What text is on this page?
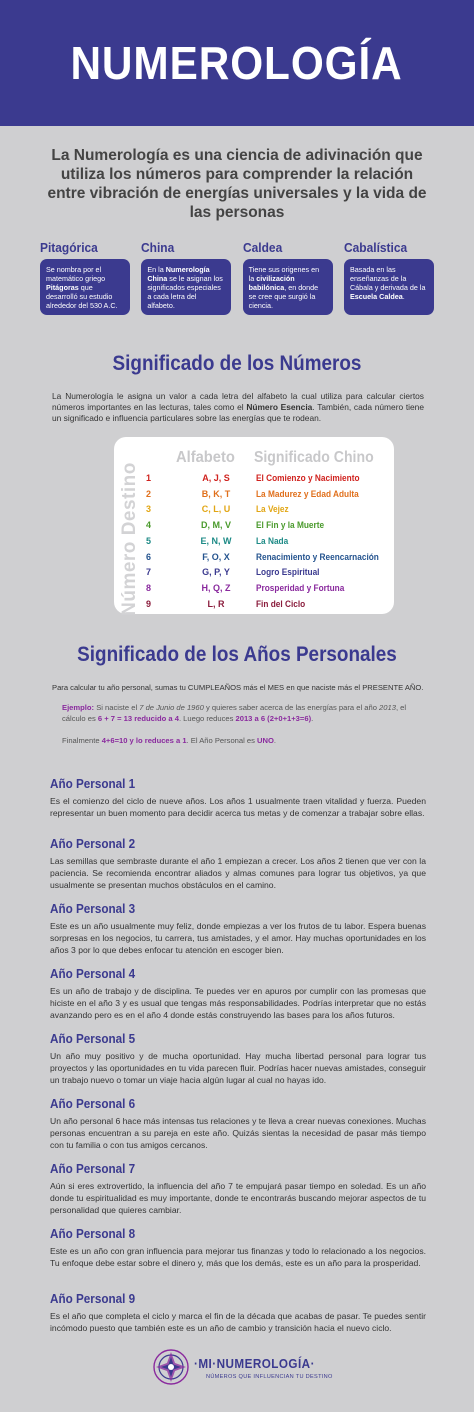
NUMEROLOGÍA
La Numerología es una ciencia de adivinación que utiliza los números para comprender la relación entre vibración de energías universales y la vida de las personas
Pitagórica
Se nombra por el matemático griego Pitágoras que desarrolló su estudio alrededor del 530 A.C.
China
En la Numerología China se le asignan los significados especiales a cada letra del alfabeto.
Caldea
Tiene sus origenes en la civilización babilónica, en donde se cree que surgió la ciencia.
Cabalística
Basada en las enseñanzas de la Cábala y derivada de la Escuela Caldea.
Significado de los Números
La Numerología le asigna un valor a cada letra del alfabeto la cual utiliza para calcular ciertos números importantes en las lecturas, tales como el Número Esencia. También, cada número tiene un significado e influencia particulares sobre las energías que te rodean.
Número Destino
Alfabeto Significado Chino
1	A, J, S	El Comienzo y Nacimiento
2	B, K, T	La Madurez y Edad Adulta
3	C, L, U	La Vejez
4	D, M, V	El Fin y la Muerte
5	E, N, W	La Nada
6	F, O, X	Renacimiento y Reencarnación
7	G, P, Y	Logro Espiritual
8	H, Q, Z	Prosperidad y Fortuna
9	L, R	Fin del Ciclo
Significado de los Años Personales
Para calcular tu año personal, sumas tu CUMPLEAÑOS más el MES en que naciste más el PRESENTE AÑO.
Ejemplo: Si naciste el 7 de Junio de 1960 y quieres saber acerca de las energías para el año 2013, el cálculo es 6 + 7 = 13 reducido a 4. Luego reduces 2013 a 6 (2+0+1+3=6).
Finalmente 4+6=10 y lo reduces a 1. El Año Personal es UNO.
Año Personal 1
Es el comienzo del ciclo de nueve años. Los años 1 usualmente traen vitalidad y fuerza. Pueden representar un buen momento para decidir acerca tus metas y de comenzar a trabajar sobre ellas.
Año Personal 2
Las semillas que sembraste durante el año 1 empiezan a crecer. Los años 2 tienen que ver con la paciencia. Se recomienda encontrar aliados y almas comunes para lograr tus objetivos, ya que usualmente se presentan muchos obstáculos en el camino.
Año Personal 3
Este es un año usualmente muy feliz, donde empiezas a ver los frutos de tu labor. Espera buenas sorpresas en los negocios, tu carrera, tus amistades, y el amor. Hay muchas oportunidades en los años 3 por lo que debes enfocar tu atención en escoger bien.
Año Personal 4
Es un año de trabajo y de disciplina. Te puedes ver en apuros por cumplir con las promesas que hiciste en el año 3 y es usual que tengas más responsabilidades. Podrías interpretar que no estás avanzando pero es en el año 4 donde estás construyendo las bases para los años futuros.
Año Personal 5
Un año muy positivo y de mucha oportunidad. Hay mucha libertad personal para lograr tus proyectos y las oportunidades en tu vida parecen fluir. Podrías hacer nuevas amistades, conseguir un trabajo nuevo o tomar un viaje hacia algún lugar al cual no hayas ido.
Año Personal 6
Un año personal 6 hace más intensas tus relaciones y te lleva a crear nuevas conexiones. Muchas personas encuentran a su pareja en este año. Quizás sientas la necesidad de pasar más tiempo con tu familia o con tus amigos cercanos.
Año Personal 7
Aún si eres extrovertido, la influencia del año 7 te empujará pasar tiempo en soledad. Es un año donde tu espiritualidad es muy importante, donde te encontrarás buscando mejorar aspectos de tu personalidad que quieres cambiar.
Año Personal 8
Este es un año con gran influencia para mejorar tus finanzas y todo lo relacionado a los negocios. Tu enfoque debe estar sobre el dinero y, más que los demás, este es un año para la prosperidad.
Año Personal 9
Es el año que completa el ciclo y marca el fin de la década que acabas de pasar. Te puedes sentir incómodo puesto que también este es un año de cambio y transición hacia el nuevo ciclo.
·MI·NUMEROLOGÍA·
NÚMEROS QUE INFLUENCIAN TU DESTINO
